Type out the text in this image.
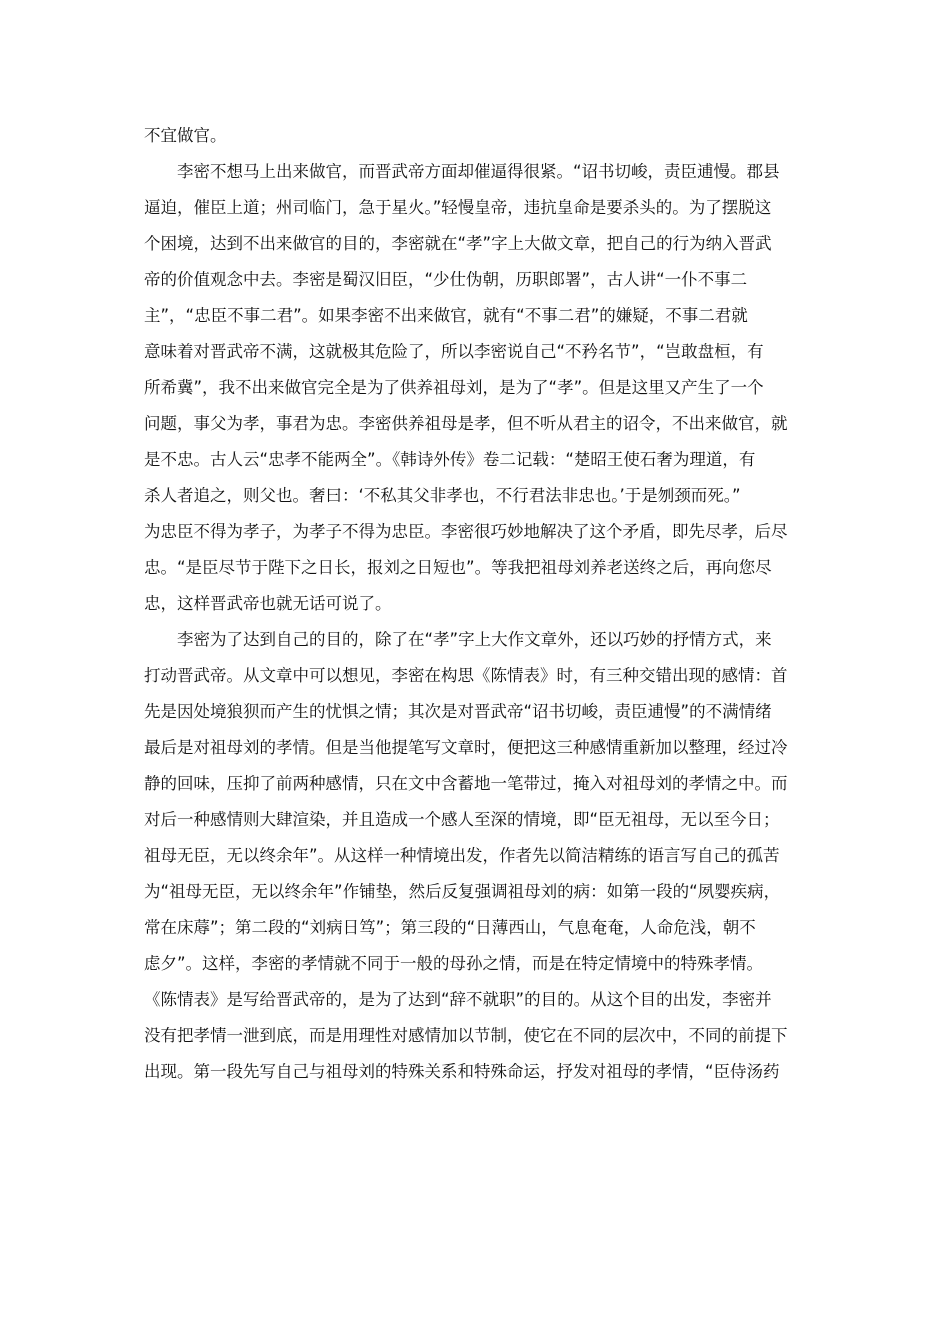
不宜做官。
　　李密不想马上出来做官，而晋武帝方面却催逼得很紧。“诏书切峻，责臣逋慢。郡县
逼迫，催臣上道；州司临门，急于星火。”轻慢皇帝，违抗皇命是要杀头的。为了摆脱这
个困境，达到不出来做官的目的，李密就在“孝”字上大做文章，把自己的行为纳入晋武
帝的价值观念中去。李密是蜀汉旧臣，“少仕伪朝，历职郎署”，古人讲“一仆不事二
主”，“忠臣不事二君”。如果李密不出来做官，就有“不事二君”的嫌疑，不事二君就
意味着对晋武帝不满，这就极其危险了，所以李密说自己“不矜名节”，“岂敢盘桓，有
所希冀”，我不出来做官完全是为了供养祖母刘，是为了“孝”。但是这里又产生了一个
问题，事父为孝，事君为忠。李密供养祖母是孝，但不听从君主的诏令，不出来做官，就
是不忠。古人云“忠孝不能两全”。《韩诗外传》卷二记载：“楚昭王使石奢为理道，有
杀人者追之，则父也。奢曰：‘不私其父非孝也，不行君法非忠也。’于是刎颈而死。”
为忠臣不得为孝子，为孝子不得为忠臣。李密很巧妙地解决了这个矛盾，即先尽孝，后尽
忠。“是臣尽节于陛下之日长，报刘之日短也”。等我把祖母刘养老送终之后，再向您尽
忠，这样晋武帝也就无话可说了。
　　李密为了达到自己的目的，除了在“孝”字上大作文章外，还以巧妙的抒情方式，来
打动晋武帝。从文章中可以想见，李密在构思《陈情表》时，有三种交错出现的感情：首
先是因处境狼狈而产生的忧惧之情；其次是对晋武帝“诏书切峻，责臣逋慢”的不满情绪
最后是对祖母刘的孝情。但是当他提笔写文章时，便把这三种感情重新加以整理，经过冷
静的回味，压抑了前两种感情，只在文中含蓄地一笔带过，掩入对祖母刘的孝情之中。而
对后一种感情则大肆渲染，并且造成一个感人至深的情境，即“臣无祖母，无以至今日；
祖母无臣，无以终余年”。从这样一种情境出发，作者先以简洁精练的语言写自己的孤苦
为“祖母无臣，无以终余年”作铺垫，然后反复强调祖母刘的病：如第一段的“夙婴疾病，
常在床蓐”；第二段的“刘病日笃”；第三段的“日薄西山，气息奄奄，人命危浅，朝不
虑夕”。这样，李密的孝情就不同于一般的母孙之情，而是在特定情境中的特殊孝情。
《陈情表》是写给晋武帝的，是为了达到“辞不就职”的目的。从这个目的出发，李密并
没有把孝情一泄到底，而是用理性对感情加以节制，使它在不同的层次中，不同的前提下
出现。第一段先写自己与祖母刘的特殊关系和特殊命运，抒发对祖母的孝情，“臣侍汤药
